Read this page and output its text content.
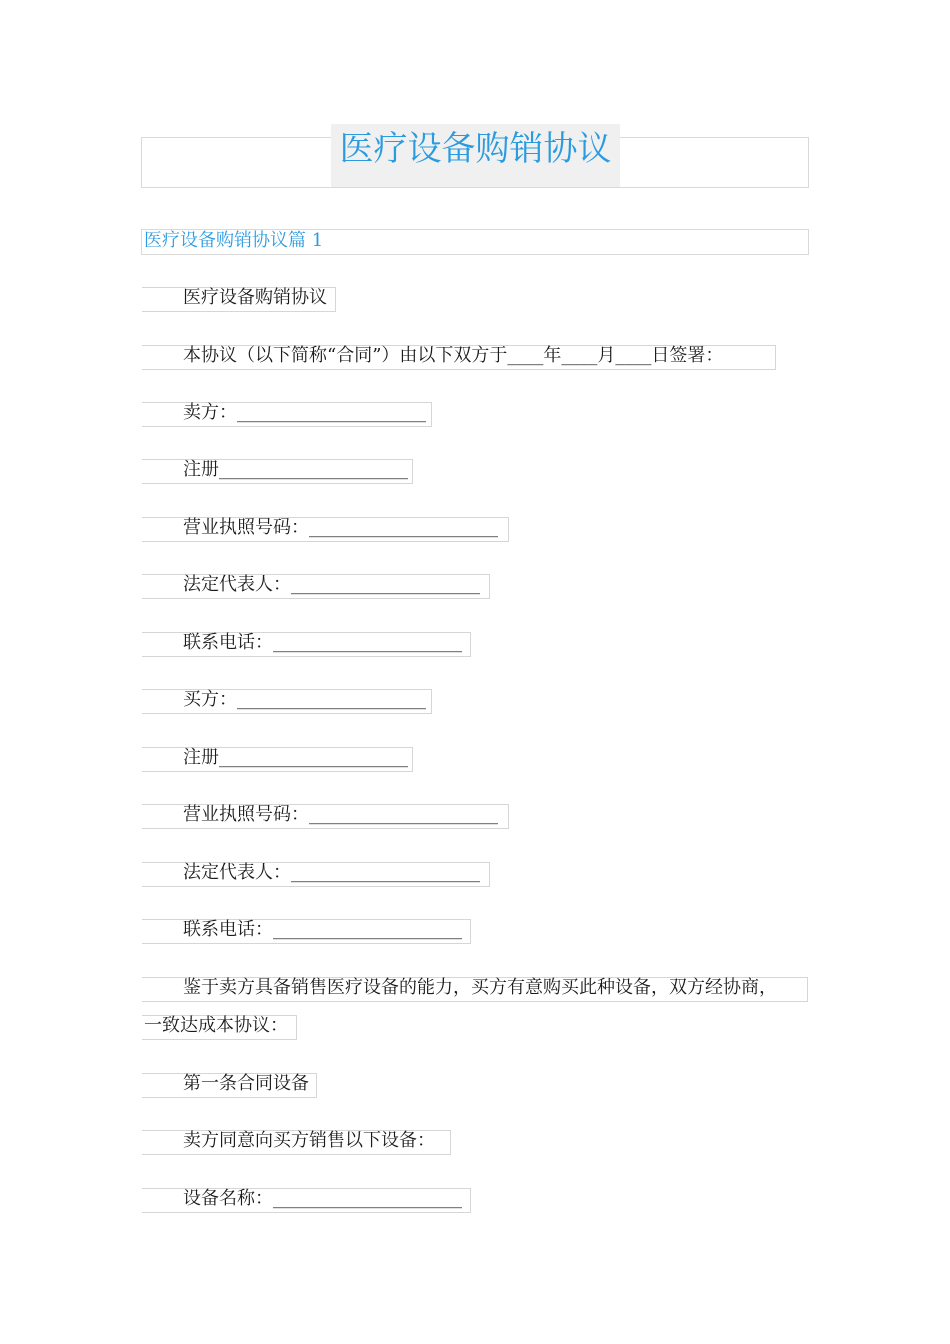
医疗设备购销协议
医疗设备购销协议篇 1
医疗设备购销协议
本协议（以下简称“合同”）由以下双方于____年____月____日签署：
卖方：_____________________
注册_____________________
营业执照号码：_____________________
法定代表人：_____________________
联系电话：_____________________
买方：_____________________
注册_____________________
营业执照号码：_____________________
法定代表人：_____________________
联系电话：_____________________
鉴于卖方具备销售医疗设备的能力，买方有意购买此种设备，双方经协商，
一致达成本协议：
第一条合同设备
卖方同意向买方销售以下设备：
设备名称：_____________________
